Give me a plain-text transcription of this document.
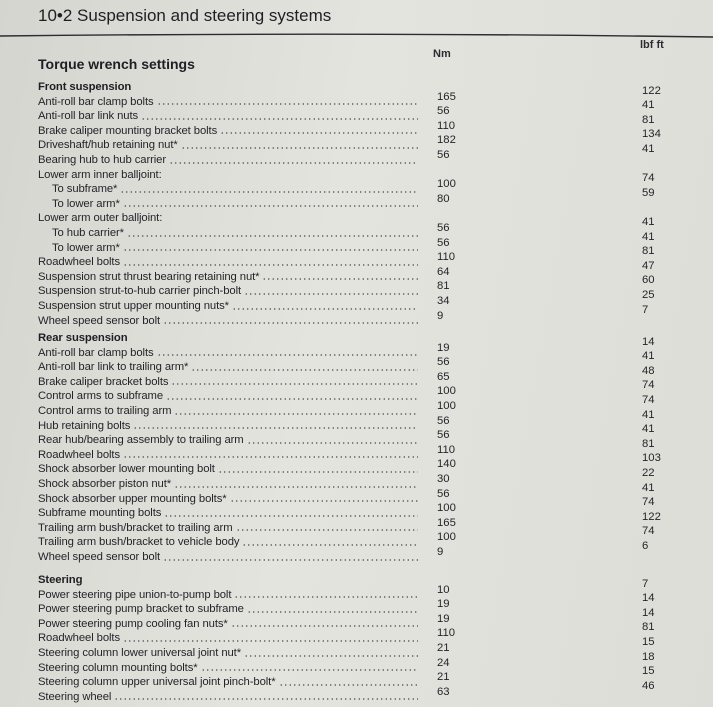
10•2 Suspension and steering systems
Nm
lbf ft
Torque wrench settings
Front suspension
Anti-roll bar clamp bolts	165	122
Anti-roll bar link nuts	56	41
Brake caliper mounting bracket bolts	110	81
Driveshaft/hub retaining nut*	182	134
Bearing hub to hub carrier	56	41
Lower arm inner balljoint:
To subframe*	100	74
To lower arm*	80	59
Lower arm outer balljoint:
To hub carrier*	56	41
To lower arm*	56	41
Roadwheel bolts	110	81
Suspension strut thrust bearing retaining nut*	64	47
Suspension strut-to-hub carrier pinch-bolt	81	60
Suspension strut upper mounting nuts*	34	25
Wheel speed sensor bolt	9	7
Rear suspension
Anti-roll bar clamp bolts	19	14
Anti-roll bar link to trailing arm*	56	41
Brake caliper bracket bolts	65	48
Control arms to subframe	100	74
Control arms to trailing arm	100	74
Hub retaining bolts	56	41
Rear hub/bearing assembly to trailing arm	56	41
Roadwheel bolts	110	81
Shock absorber lower mounting bolt	140	103
Shock absorber piston nut*	30	22
Shock absorber upper mounting bolts*	56	41
Subframe mounting bolts	100	74
Trailing arm bush/bracket to trailing arm	165	122
Trailing arm bush/bracket to vehicle body	100	74
Wheel speed sensor bolt	9	6
Steering
Power steering pipe union-to-pump bolt	10	7
Power steering pump bracket to subframe	19	14
Power steering pump cooling fan nuts*	19	14
Roadwheel bolts	110	81
Steering column lower universal joint nut*	21	15
Steering column mounting bolts*	24	18
Steering column upper universal joint pinch-bolt*	21	15
Steering wheel	63	46
